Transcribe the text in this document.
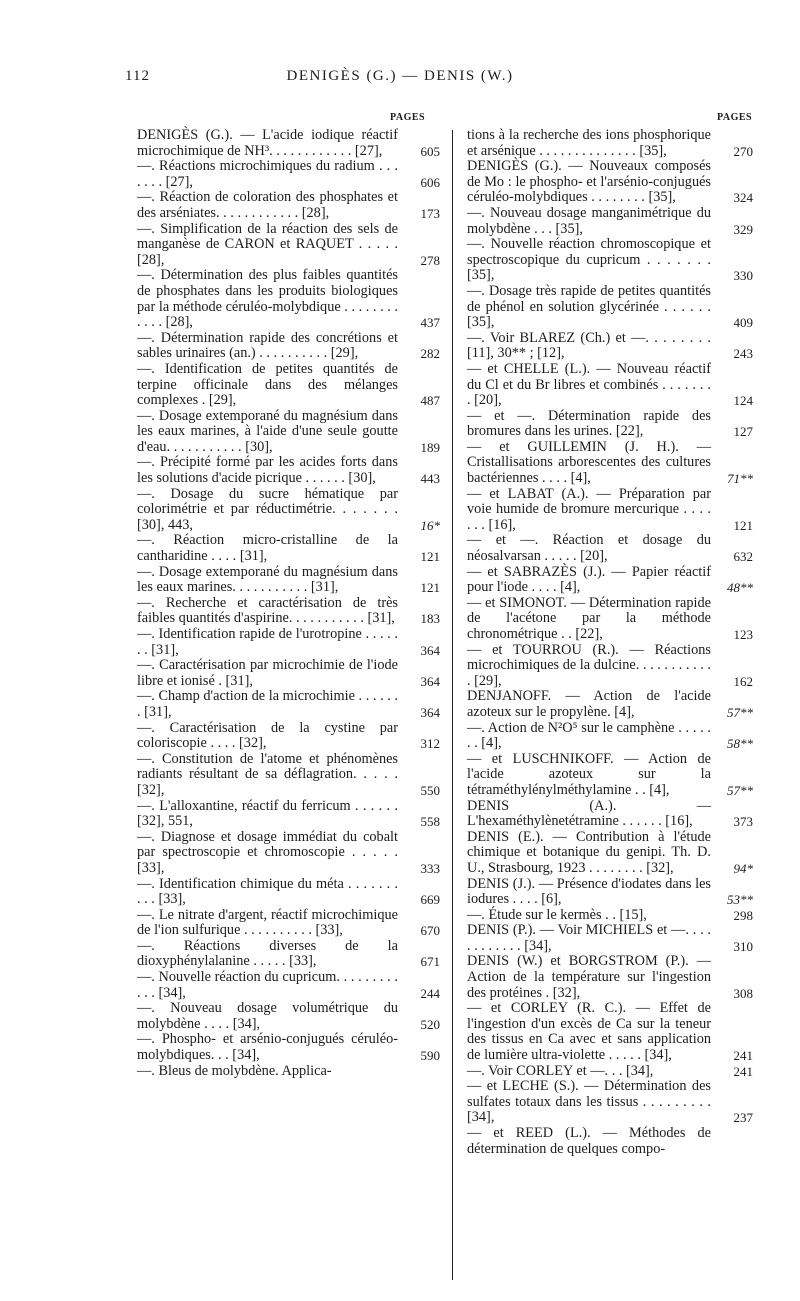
112	DENIGÈS (G.) — DENIS (W.)
PAGES	PAGES
DENIGÈS (G.). — L'acide iodique réactif microchimique de NH³. . . . . . . . . . . . [27],	605
—. Réactions microchimiques du radium . . . . . . . [27],	606
—. Réaction de coloration des phosphates et des arséniates. . . . . . . . . . . . [28],	173
—. Simplification de la réaction des sels de manganèse de CARON et RAQUET . . . . . [28],	278
—. Détermination des plus faibles quantités de phosphates dans les produits biologiques par la méthode céruléo-molybdique . . . . . . . . . . . . [28],	437
—. Détermination rapide des concrétions et sables urinaires (an.) . . . . . . . . . . [29],	282
—. Identification de petites quantités de terpine officinale dans des mélanges complexes . [29],	487
—. Dosage extemporané du magnésium dans les eaux marines, à l'aide d'une seule goutte d'eau. . . . . . . . . . . [30],	189
—. Précipité formé par les acides forts dans les solutions d'acide picrique . . . . . . [30],	443
—. Dosage du sucre hématique par colorimétrie et par réductimétrie. . . . . . . [30], 443,	16*
—. Réaction micro-cristalline de la cantharidine . . . . [31],	121
—. Dosage extemporané du magnésium dans les eaux marines. . . . . . . . . . . [31],	121
—. Recherche et caractérisation de très faibles quantités d'aspirine. . . . . . . . . . . [31],	183
—. Identification rapide de l'urotropine . . . . . . . [31],	364
—. Caractérisation par microchimie de l'iode libre et ionisé . [31],	364
—. Champ d'action de la microchimie . . . . . . . [31],	364
—. Caractérisation de la cystine par coloriscopie . . . . [32],	312
—. Constitution de l'atome et phénomènes radiants résultant de sa déflagration. . . . . [32],	550
—. L'alloxantine, réactif du ferricum . . . . . . [32], 551,	558
—. Diagnose et dosage immédiat du cobalt par spectroscopie et chromoscopie . . . . . [33],	333
—. Identification chimique du méta . . . . . . . . . . [33],	669
—. Le nitrate d'argent, réactif microchimique de l'ion sulfurique . . . . . . . . . . [33],	670
—. Réactions diverses de la dioxyphénylalanine . . . . . [33],	671
—. Nouvelle réaction du cupricum. . . . . . . . . . . . [34],	244
—. Nouveau dosage volumétrique du molybdène . . . . [34],	520
—. Phospho- et arsénio-conjugués céruléo-molybdiques. . . [34],	590
—. Bleus de molybdène. Applica-
tions à la recherche des ions phosphorique et arsénique . . . . . . . . . . . . . . [35],	270
DENIGÈS (G.). — Nouveaux composés de Mo : le phospho- et l'arsénio-conjugués céruléo-molybdiques . . . . . . . . [35],	324
—. Nouveau dosage manganimétrique du molybdène . . . [35],	329
—. Nouvelle réaction chromoscopique et spectroscopique du cupricum . . . . . . . [35],	330
—. Dosage très rapide de petites quantités de phénol en solution glycérinée . . . . . . [35],	409
—. Voir BLAREZ (Ch.) et —. . . . . . . . [11], 30** ; [12],	243
— et CHELLE (L.). — Nouveau réactif du Cl et du Br libres et combinés . . . . . . . . [20],	124
— et —. Détermination rapide des bromures dans les urines. [22],	127
— et GUILLEMIN (J. H.). — Cristallisations arborescentes des cultures bactériennes . . . . [4],	71**
— et LABAT (A.). — Préparation par voie humide de bromure mercurique . . . . . . . [16],	121
— et —. Réaction et dosage du néosalvarsan . . . . . [20],	632
— et SABRAZÈS (J.). — Papier réactif pour l'iode . . . . [4],	48**
— et SIMONOT. — Détermination rapide de l'acétone par la méthode chronométrique . . [22],	123
— et TOURROU (R.). — Réactions microchimiques de la dulcine. . . . . . . . . . . . [29],	162
DENJANOFF. — Action de l'acide azoteux sur le propylène. [4],	57**
—. Action de N²O⁵ sur le camphène . . . . . . . [4],	58**
— et LUSCHNIKOFF. — Action de l'acide azoteux sur la tétraméthylénylméthylamine . . [4],	57**
DENIS (A.). — L'hexaméthylènetétramine . . . . . . [16],	373
DENIS (E.). — Contribution à l'étude chimique et botanique du genipi. Th. D. U., Strasbourg, 1923 . . . . . . . . [32],	94*
DENIS (J.). — Présence d'iodates dans les iodures . . . . [6],	53**
—. Étude sur le kermès . . [15],	298
DENIS (P.). — Voir MICHIELS et —. . . . . . . . . . . . [34],	310
DENIS (W.) et BORGSTROM (P.). — Action de la température sur l'ingestion des protéines . [32],	308
— et CORLEY (R. C.). — Effet de l'ingestion d'un excès de Ca sur la teneur des tissus en Ca avec et sans application de lumière ultra-violette . . . . . [34],	241
—. Voir CORLEY et —. . . [34],	241
— et LECHE (S.). — Détermination des sulfates totaux dans les tissus . . . . . . . . . [34],	237
— et REED (L.). — Méthodes de détermination de quelques compo-
